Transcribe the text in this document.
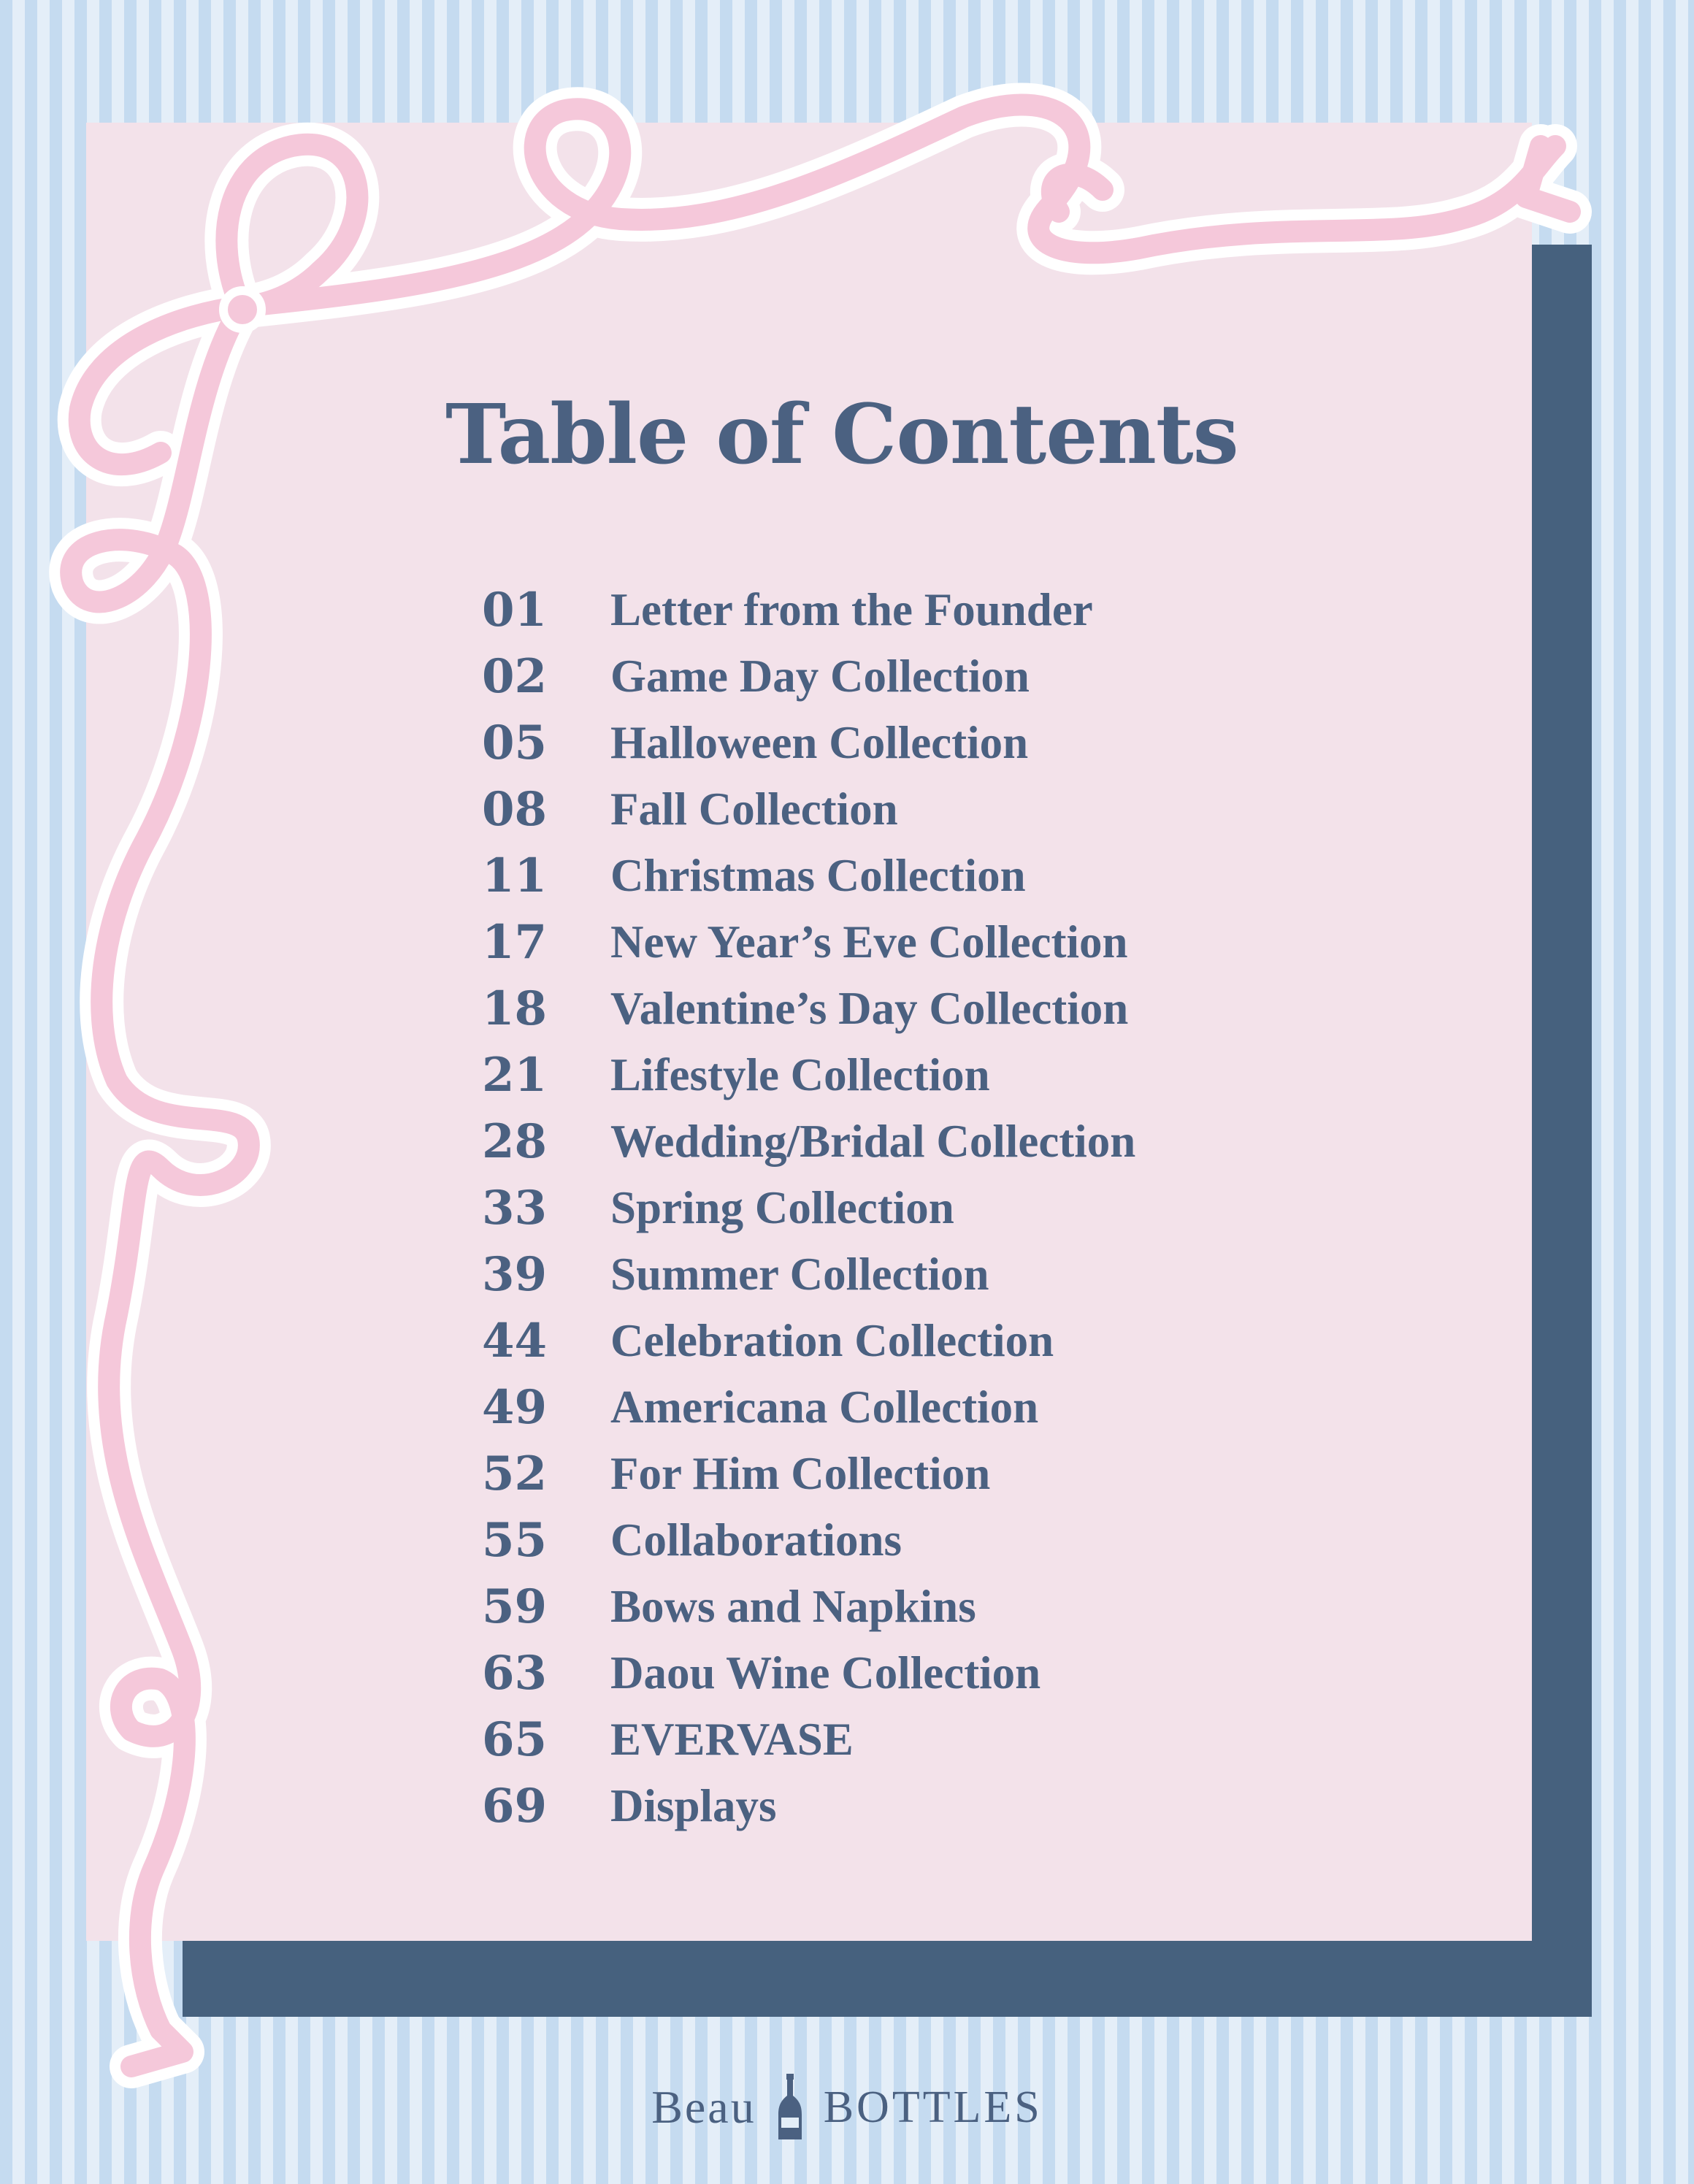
Table of Contents
01	Letter from the Founder
02	Game Day Collection
05	Halloween Collection
08	Fall Collection
11	Christmas Collection
17	New Year’s Eve Collection
18	Valentine’s Day Collection
21	Lifestyle Collection
28	Wedding/Bridal Collection
33	Spring Collection
39	Summer Collection
44	Celebration Collection
49	Americana Collection
52	For Him Collection
55	Collaborations
59	Bows and Napkins
63	Daou Wine Collection
65	EVERVASE
69	Displays
Beau BOTTLES
